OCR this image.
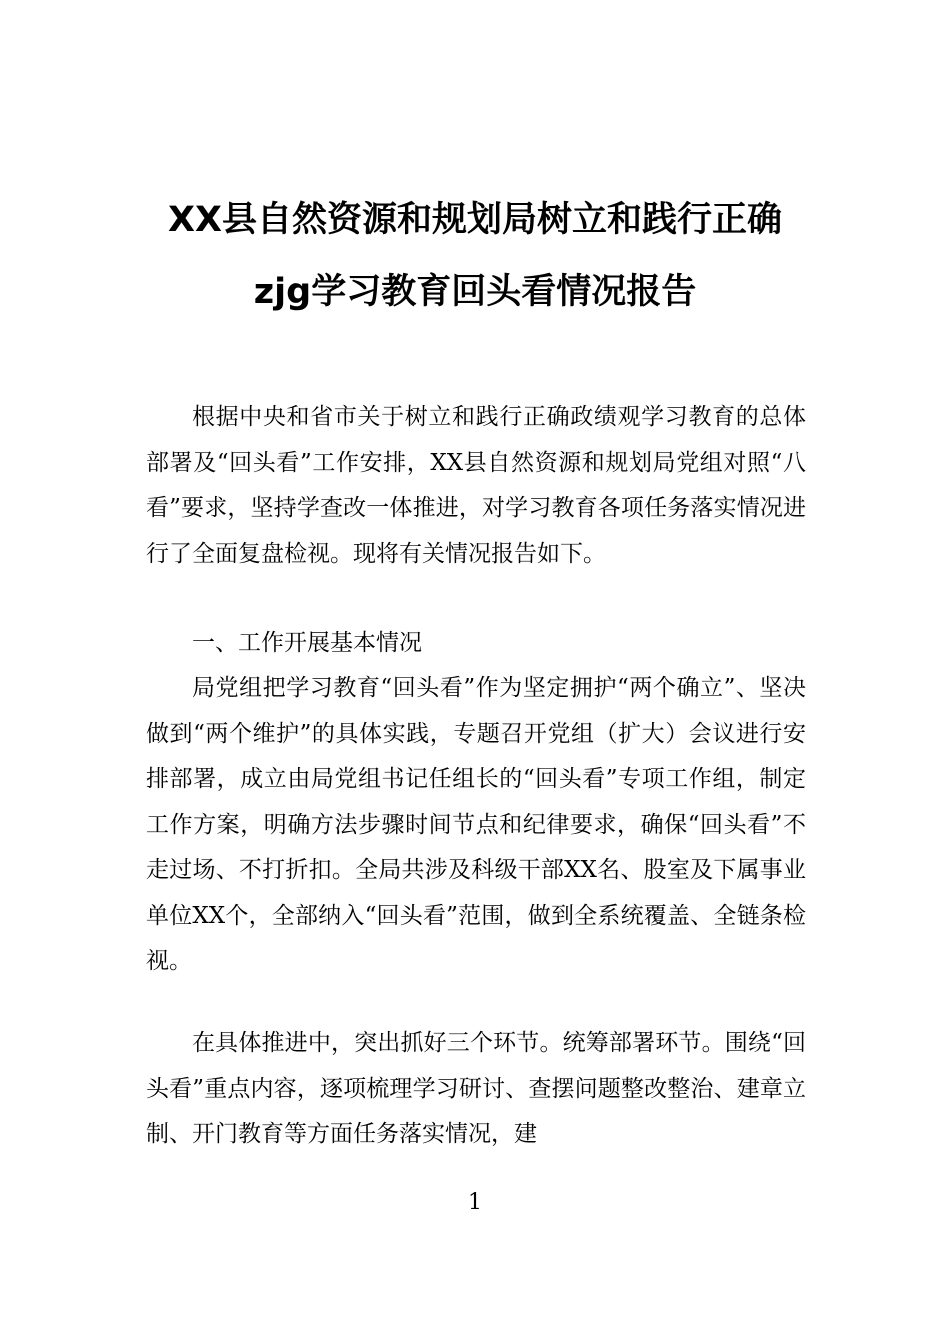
XX县自然资源和规划局树立和践行正确
zjg学习教育回头看情况报告

根据中央和省市关于树立和践行正确政绩观学习教育的总体部署及“回头看”工作安排，XX县自然资源和规划局党组对照“八看”要求，坚持学查改一体推进，对学习教育各项任务落实情况进行了全面复盘检视。现将有关情况报告如下。

一、工作开展基本情况

局党组把学习教育“回头看”作为坚定拥护“两个确立”、坚决做到“两个维护”的具体实践，专题召开党组（扩大）会议进行安排部署，成立由局党组书记任组长的“回头看”专项工作组，制定工作方案，明确方法步骤时间节点和纪律要求，确保“回头看”不走过场、不打折扣。全局共涉及科级干部XX名、股室及下属事业单位XX个，全部纳入“回头看”范围，做到全系统覆盖、全链条检视。

在具体推进中，突出抓好三个环节。统筹部署环节。围绕“回头看”重点内容，逐项梳理学习研讨、查摆问题整改整治、建章立制、开门教育等方面任务落实情况，建

1
